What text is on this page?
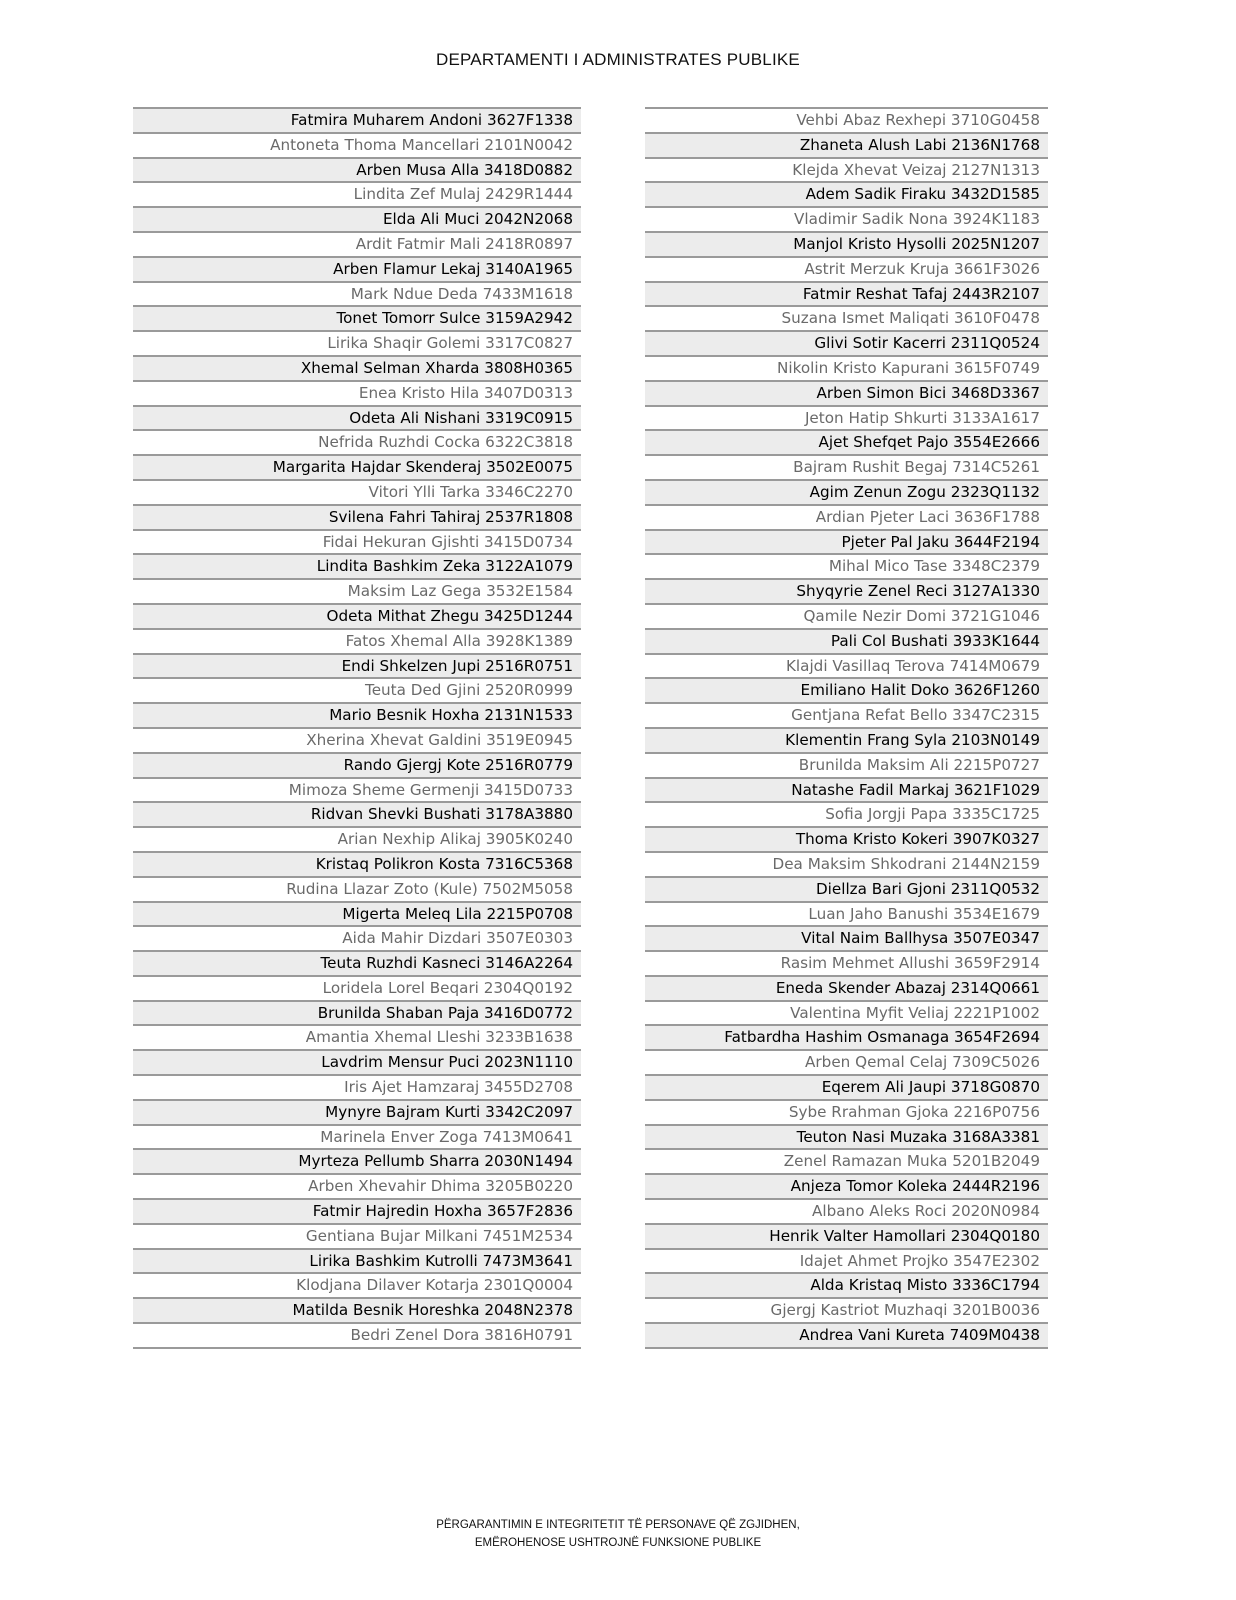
DEPARTAMENTI I ADMINISTRATES PUBLIKE
Fatmira Muharem Andoni 3627F1338
Antoneta Thoma Mancellari 2101N0042
Arben Musa Alla 3418D0882
Lindita Zef Mulaj 2429R1444
Elda Ali Muci 2042N2068
Ardit Fatmir Mali 2418R0897
Arben Flamur Lekaj 3140A1965
Mark Ndue Deda 7433M1618
Tonet Tomorr Sulce 3159A2942
Lirika Shaqir Golemi 3317C0827
Xhemal Selman Xharda 3808H0365
Enea Kristo Hila 3407D0313
Odeta Ali Nishani 3319C0915
Nefrida Ruzhdi Cocka 6322C3818
Margarita Hajdar Skenderaj 3502E0075
Vitori Ylli Tarka 3346C2270
Svilena Fahri Tahiraj 2537R1808
Fidai Hekuran Gjishti 3415D0734
Lindita Bashkim Zeka 3122A1079
Maksim Laz Gega 3532E1584
Odeta Mithat Zhegu 3425D1244
Fatos Xhemal Alla 3928K1389
Endi Shkelzen Jupi 2516R0751
Teuta Ded Gjini 2520R0999
Mario Besnik Hoxha 2131N1533
Xherina Xhevat Galdini 3519E0945
Rando Gjergj Kote 2516R0779
Mimoza Sheme Germenji 3415D0733
Ridvan Shevki Bushati 3178A3880
Arian Nexhip Alikaj 3905K0240
Kristaq Polikron Kosta 7316C5368
Rudina Llazar Zoto (Kule) 7502M5058
Migerta Meleq Lila 2215P0708
Aida Mahir Dizdari 3507E0303
Teuta Ruzhdi Kasneci 3146A2264
Loridela Lorel Beqari 2304Q0192
Brunilda Shaban Paja 3416D0772
Amantia Xhemal Lleshi 3233B1638
Lavdrim Mensur Puci 2023N1110
Iris Ajet Hamzaraj 3455D2708
Mynyre Bajram Kurti 3342C2097
Marinela Enver Zoga 7413M0641
Myrteza Pellumb Sharra 2030N1494
Arben Xhevahir Dhima 3205B0220
Fatmir Hajredin Hoxha 3657F2836
Gentiana Bujar Milkani 7451M2534
Lirika Bashkim Kutrolli 7473M3641
Klodjana Dilaver Kotarja 2301Q0004
Matilda Besnik Horeshka 2048N2378
Bedri Zenel Dora 3816H0791
Vehbi Abaz Rexhepi 3710G0458
Zhaneta Alush Labi 2136N1768
Klejda Xhevat Veizaj 2127N1313
Adem Sadik Firaku 3432D1585
Vladimir Sadik Nona 3924K1183
Manjol Kristo Hysolli 2025N1207
Astrit Merzuk Kruja 3661F3026
Fatmir Reshat Tafaj 2443R2107
Suzana Ismet Maliqati 3610F0478
Glivi Sotir Kacerri 2311Q0524
Nikolin Kristo Kapurani 3615F0749
Arben Simon Bici 3468D3367
Jeton Hatip Shkurti 3133A1617
Ajet Shefqet Pajo 3554E2666
Bajram Rushit Begaj 7314C5261
Agim Zenun Zogu 2323Q1132
Ardian Pjeter Laci 3636F1788
Pjeter Pal Jaku 3644F2194
Mihal Mico Tase 3348C2379
Shyqyrie Zenel Reci 3127A1330
Qamile Nezir Domi 3721G1046
Pali Col Bushati 3933K1644
Klajdi Vasillaq Terova 7414M0679
Emiliano Halit Doko 3626F1260
Gentjana Refat Bello 3347C2315
Klementin Frang Syla 2103N0149
Brunilda Maksim Ali 2215P0727
Natashe Fadil Markaj 3621F1029
Sofia Jorgji Papa 3335C1725
Thoma Kristo Kokeri 3907K0327
Dea Maksim Shkodrani 2144N2159
Diellza Bari Gjoni 2311Q0532
Luan Jaho Banushi 3534E1679
Vital Naim Ballhysa 3507E0347
Rasim Mehmet Allushi 3659F2914
Eneda Skender Abazaj 2314Q0661
Valentina Myfit Veliaj 2221P1002
Fatbardha Hashim Osmanaga 3654F2694
Arben Qemal Celaj 7309C5026
Eqerem Ali Jaupi 3718G0870
Sybe Rrahman Gjoka 2216P0756
Teuton Nasi Muzaka 3168A3381
Zenel Ramazan Muka 5201B2049
Anjeza Tomor Koleka 2444R2196
Albano Aleks Roci 2020N0984
Henrik Valter Hamollari 2304Q0180
Idajet Ahmet Projko 3547E2302
Alda Kristaq Misto 3336C1794
Gjergj Kastriot Muzhaqi 3201B0036
Andrea Vani Kureta 7409M0438
PËRGARANTIMIN E INTEGRITETIT TË PERSONAVE QË ZGJIDHEN,
EMËROHENOSE USHTROJNË FUNKSIONE PUBLIKE
